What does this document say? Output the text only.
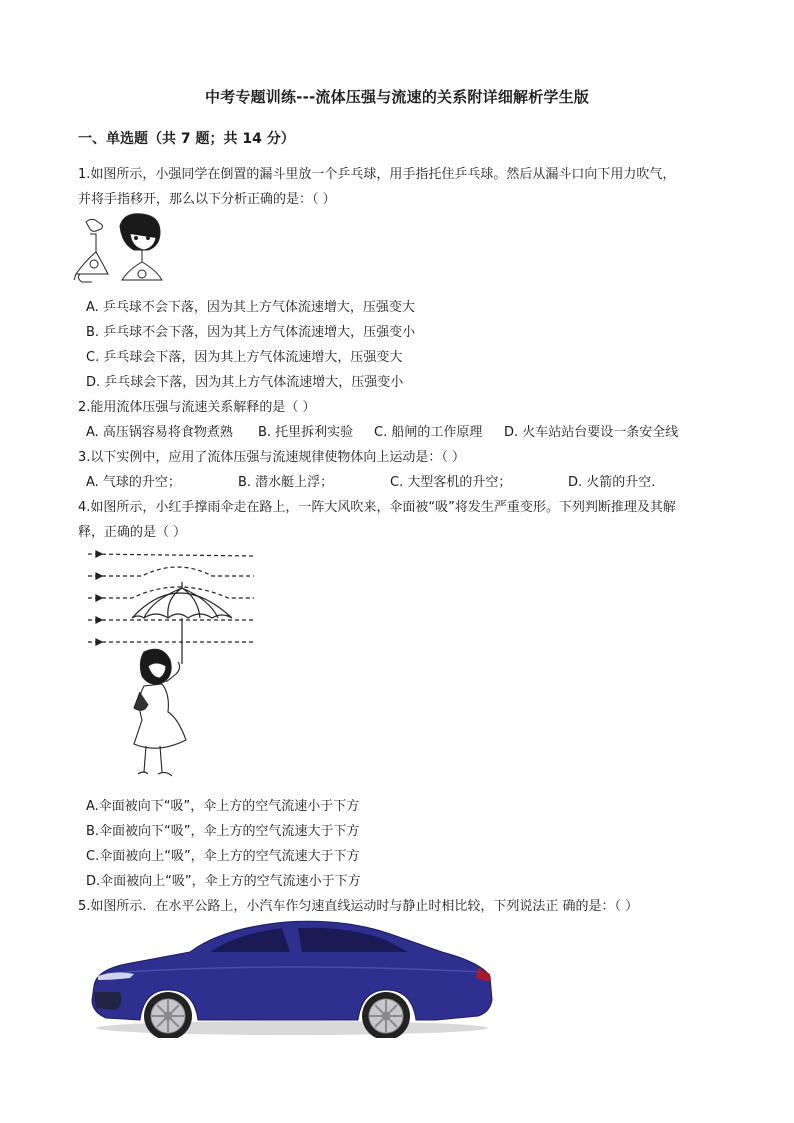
中考专题训练---流体压强与流速的关系附详细解析学生版
一、单选题（共 7 题；共 14 分）
1.如图所示，小强同学在倒置的漏斗里放一个乒乓球，用手指托住乒乓球。然后从漏斗口向下用力吹气，
并将手指移开，那么以下分析正确的是：（ ）
A. 乒乓球不会下落，因为其上方气体流速增大，压强变大
B. 乒乓球不会下落，因为其上方气体流速增大，压强变小
C. 乒乓球会下落，因为其上方气体流速增大，压强变大
D. 乒乓球会下落，因为其上方气体流速增大，压强变小
2.能用流体压强与流速关系解释的是（ ）
A. 高压锅容易将食物煮熟 B. 托里拆利实验 C. 船闸的工作原理 D. 火车站站台要设一条安全线
3.以下实例中，应用了流体压强与流速规律使物体向上运动是：（ ）
A. 气球的升空；	B. 潜水艇上浮；	C. 大型客机的升空；	D. 火箭的升空.
4.如图所示，小红手撑雨伞走在路上，一阵大风吹来，伞面被“吸”将发生严重变形。下列判断推理及其解
释，正确的是（ ）
A.伞面被向下“吸”，伞上方的空气流速小于下方
B.伞面被向下“吸”，伞上方的空气流速大于下方
C.伞面被向上“吸”，伞上方的空气流速大于下方
D.伞面被向上“吸”，伞上方的空气流速小于下方
5.如图所示．在水平公路上，小汽车作匀速直线运动时与静止时相比较，下列说法正 确的是：（ ）
